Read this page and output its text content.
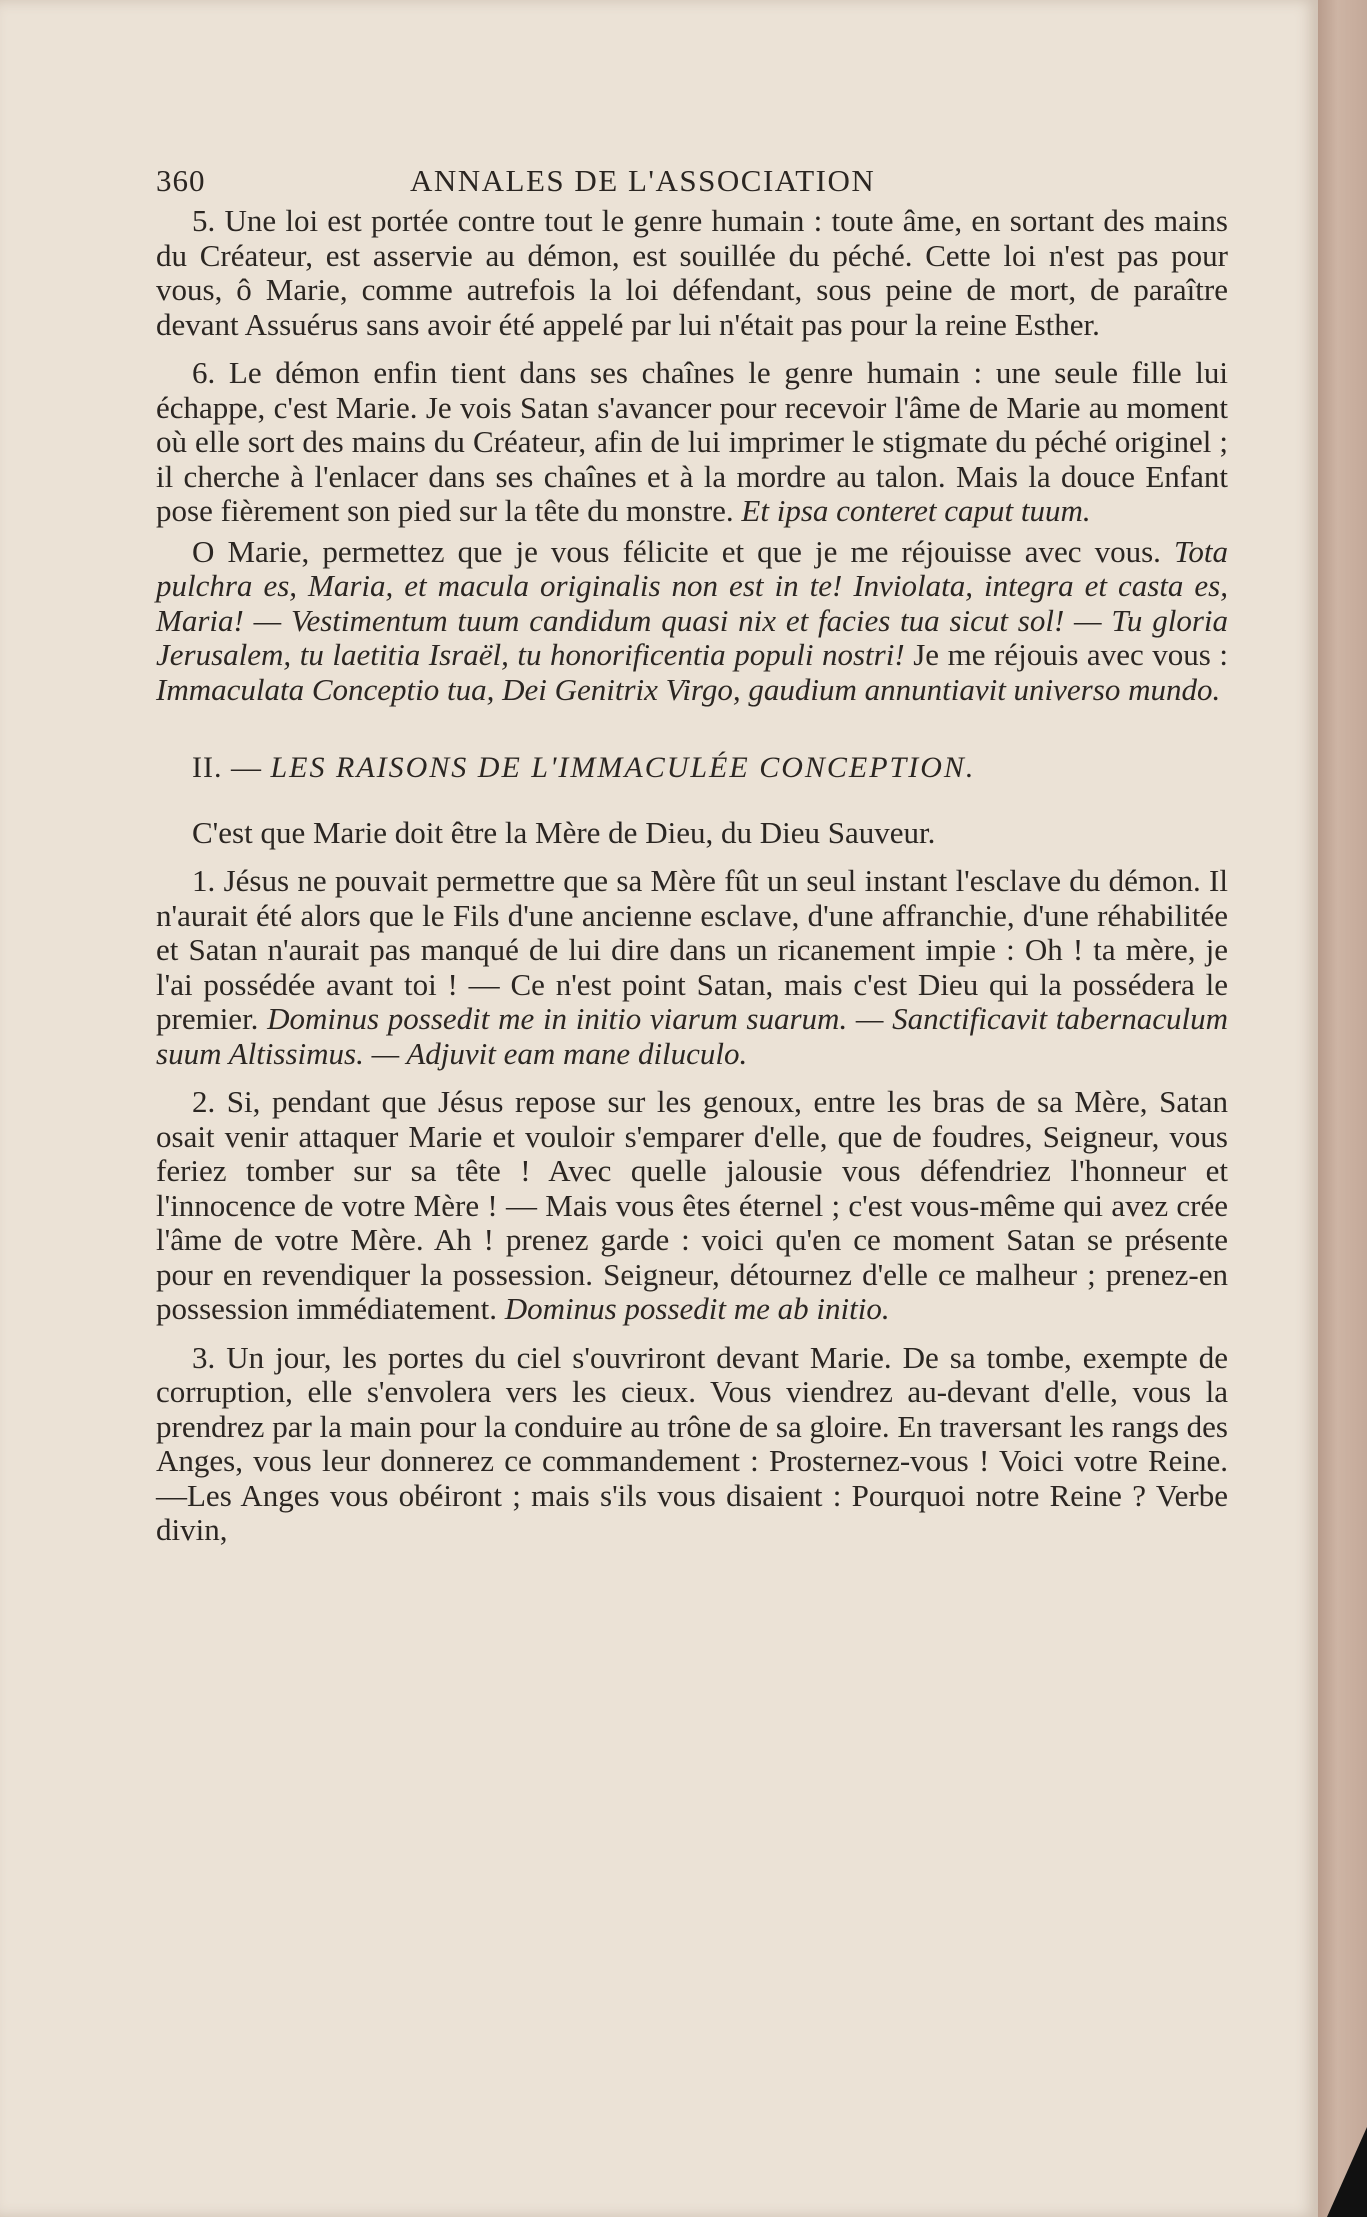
360	ANNALES DE L'ASSOCIATION

5. Une loi est portée contre tout le genre humain : toute âme, en sortant des mains du Créateur, est asservie au démon, est souillée du péché. Cette loi n'est pas pour vous, ô Marie, comme autrefois la loi défendant, sous peine de mort, de paraître devant Assuérus sans avoir été appelé par lui n'était pas pour la reine Esther.

6. Le démon enfin tient dans ses chaînes le genre humain : une seule fille lui échappe, c'est Marie. Je vois Satan s'avancer pour recevoir l'âme de Marie au moment où elle sort des mains du Créateur, afin de lui imprimer le stigmate du péché originel ; il cherche à l'enlacer dans ses chaînes et à la mordre au talon. Mais la douce Enfant pose fièrement son pied sur la tête du monstre. Et ipsa conteret caput tuum.

O Marie, permettez que je vous félicite et que je me réjouisse avec vous. Tota pulchra es, Maria, et macula originalis non est in te! Inviolata, integra et casta es, Maria! — Vestimentum tuum candidum quasi nix et facies tua sicut sol! — Tu gloria Jerusalem, tu laetitia Israël, tu honorificentia populi nostri! Je me réjouis avec vous : Immaculata Conceptio tua, Dei Genitrix Virgo, gaudium annuntiavit universo mundo.

II. — LES RAISONS DE L'IMMACULÉE CONCEPTION.

C'est que Marie doit être la Mère de Dieu, du Dieu Sauveur.

1. Jésus ne pouvait permettre que sa Mère fût un seul instant l'esclave du démon. Il n'aurait été alors que le Fils d'une ancienne esclave, d'une affranchie, d'une réhabilitée et Satan n'aurait pas manqué de lui dire dans un ricanement impie : Oh ! ta mère, je l'ai possédée avant toi ! — Ce n'est point Satan, mais c'est Dieu qui la possédera le premier. Dominus possedit me in initio viarum suarum. — Sanctificavit tabernaculum suum Altissimus. — Adjuvit eam mane diluculo.

2. Si, pendant que Jésus repose sur les genoux, entre les bras de sa Mère, Satan osait venir attaquer Marie et vouloir s'emparer d'elle, que de foudres, Seigneur, vous feriez tomber sur sa tête ! Avec quelle jalousie vous défendriez l'honneur et l'innocence de votre Mère ! — Mais vous êtes éternel ; c'est vous-même qui avez crée l'âme de votre Mère. Ah ! prenez garde : voici qu'en ce moment Satan se présente pour en revendiquer la possession. Seigneur, détournez d'elle ce malheur ; prenez-en possession immédiatement. Dominus possedit me ab initio.

3. Un jour, les portes du ciel s'ouvriront devant Marie. De sa tombe, exempte de corruption, elle s'envolera vers les cieux. Vous viendrez au-devant d'elle, vous la prendrez par la main pour la conduire au trône de sa gloire. En traversant les rangs des Anges, vous leur donnerez ce commandement : Prosternez-vous ! Voici votre Reine.—Les Anges vous obéiront ; mais s'ils vous disaient : Pourquoi notre Reine ? Verbe divin,
